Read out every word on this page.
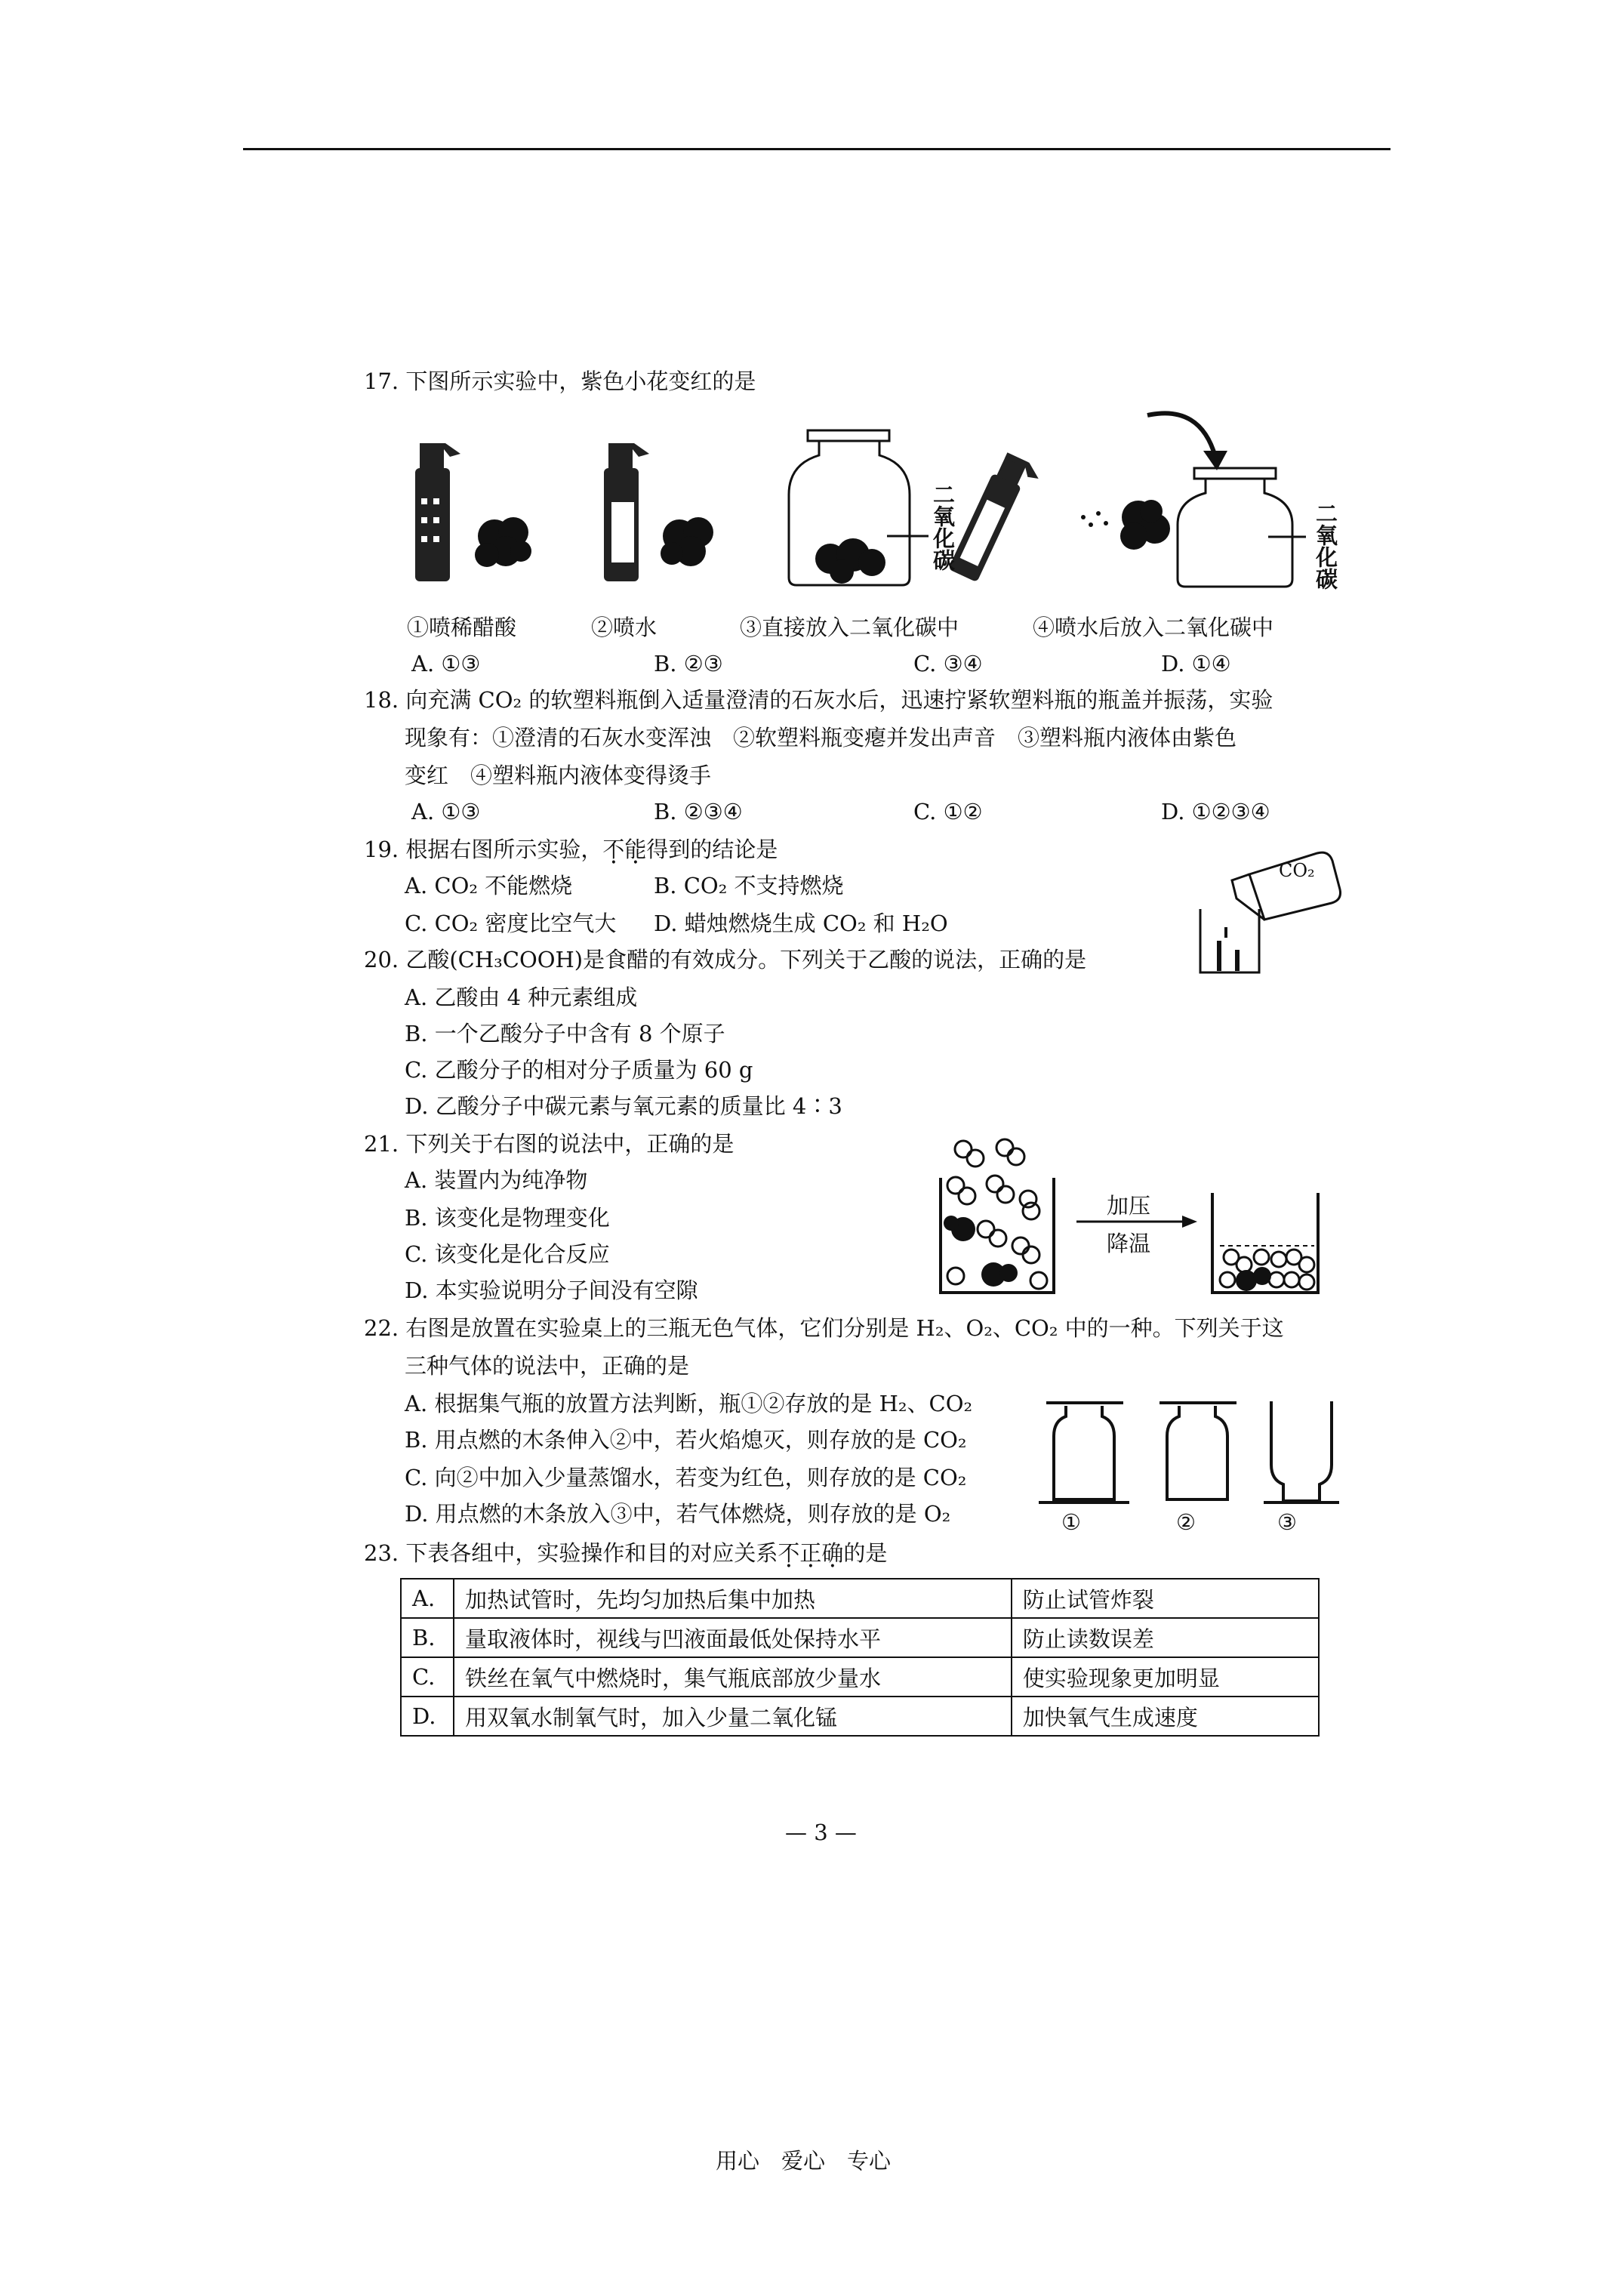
17. 下图所示实验中，紫色小花变红的是
二氧化碳	二氧化碳
①喷稀醋酸	②喷水	③直接放入二氧化碳中	④喷水后放入二氧化碳中
A. ①③	B. ②③	C. ③④	D. ①④
18. 向充满 CO₂ 的软塑料瓶倒入适量澄清的石灰水后，迅速拧紧软塑料瓶的瓶盖并振荡，实验
现象有：①澄清的石灰水变浑浊　②软塑料瓶变瘪并发出声音　③塑料瓶内液体由紫色
变红　④塑料瓶内液体变得烫手
A. ①③	B. ②③④	C. ①②	D. ①②③④
19. 根据右图所示实验，不能得到的结论是
A. CO₂ 不能燃烧	B. CO₂ 不支持燃烧
C. CO₂ 密度比空气大 D. 蜡烛燃烧生成 CO₂ 和 H₂O
CO₂
20. 乙酸(CH₃COOH)是食醋的有效成分。下列关于乙酸的说法，正确的是
A. 乙酸由 4 种元素组成
B. 一个乙酸分子中含有 8 个原子
C. 乙酸分子的相对分子质量为 60 g
D. 乙酸分子中碳元素与氧元素的质量比 4∶3
21. 下列关于右图的说法中，正确的是
A. 装置内为纯净物
B. 该变化是物理变化
C. 该变化是化合反应
D. 本实验说明分子间没有空隙
加压
降温
22. 右图是放置在实验桌上的三瓶无色气体，它们分别是 H₂、O₂、CO₂ 中的一种。下列关于这
三种气体的说法中，正确的是
A. 根据集气瓶的放置方法判断，瓶①②存放的是 H₂、CO₂
B. 用点燃的木条伸入②中，若火焰熄灭，则存放的是 CO₂
C. 向②中加入少量蒸馏水，若变为红色，则存放的是 CO₂
D. 用点燃的木条放入③中，若气体燃烧，则存放的是 O₂	①	②	③
23. 下表各组中，实验操作和目的对应关系不正确的是
A.	加热试管时，先均匀加热后集中加热	防止试管炸裂
B.	量取液体时，视线与凹液面最低处保持水平	防止读数误差
C.	铁丝在氧气中燃烧时，集气瓶底部放少量水	使实验现象更加明显
D.	用双氧水制氧气时，加入少量二氧化锰	加快氧气生成速度
— 3 —
用心　爱心　专心
